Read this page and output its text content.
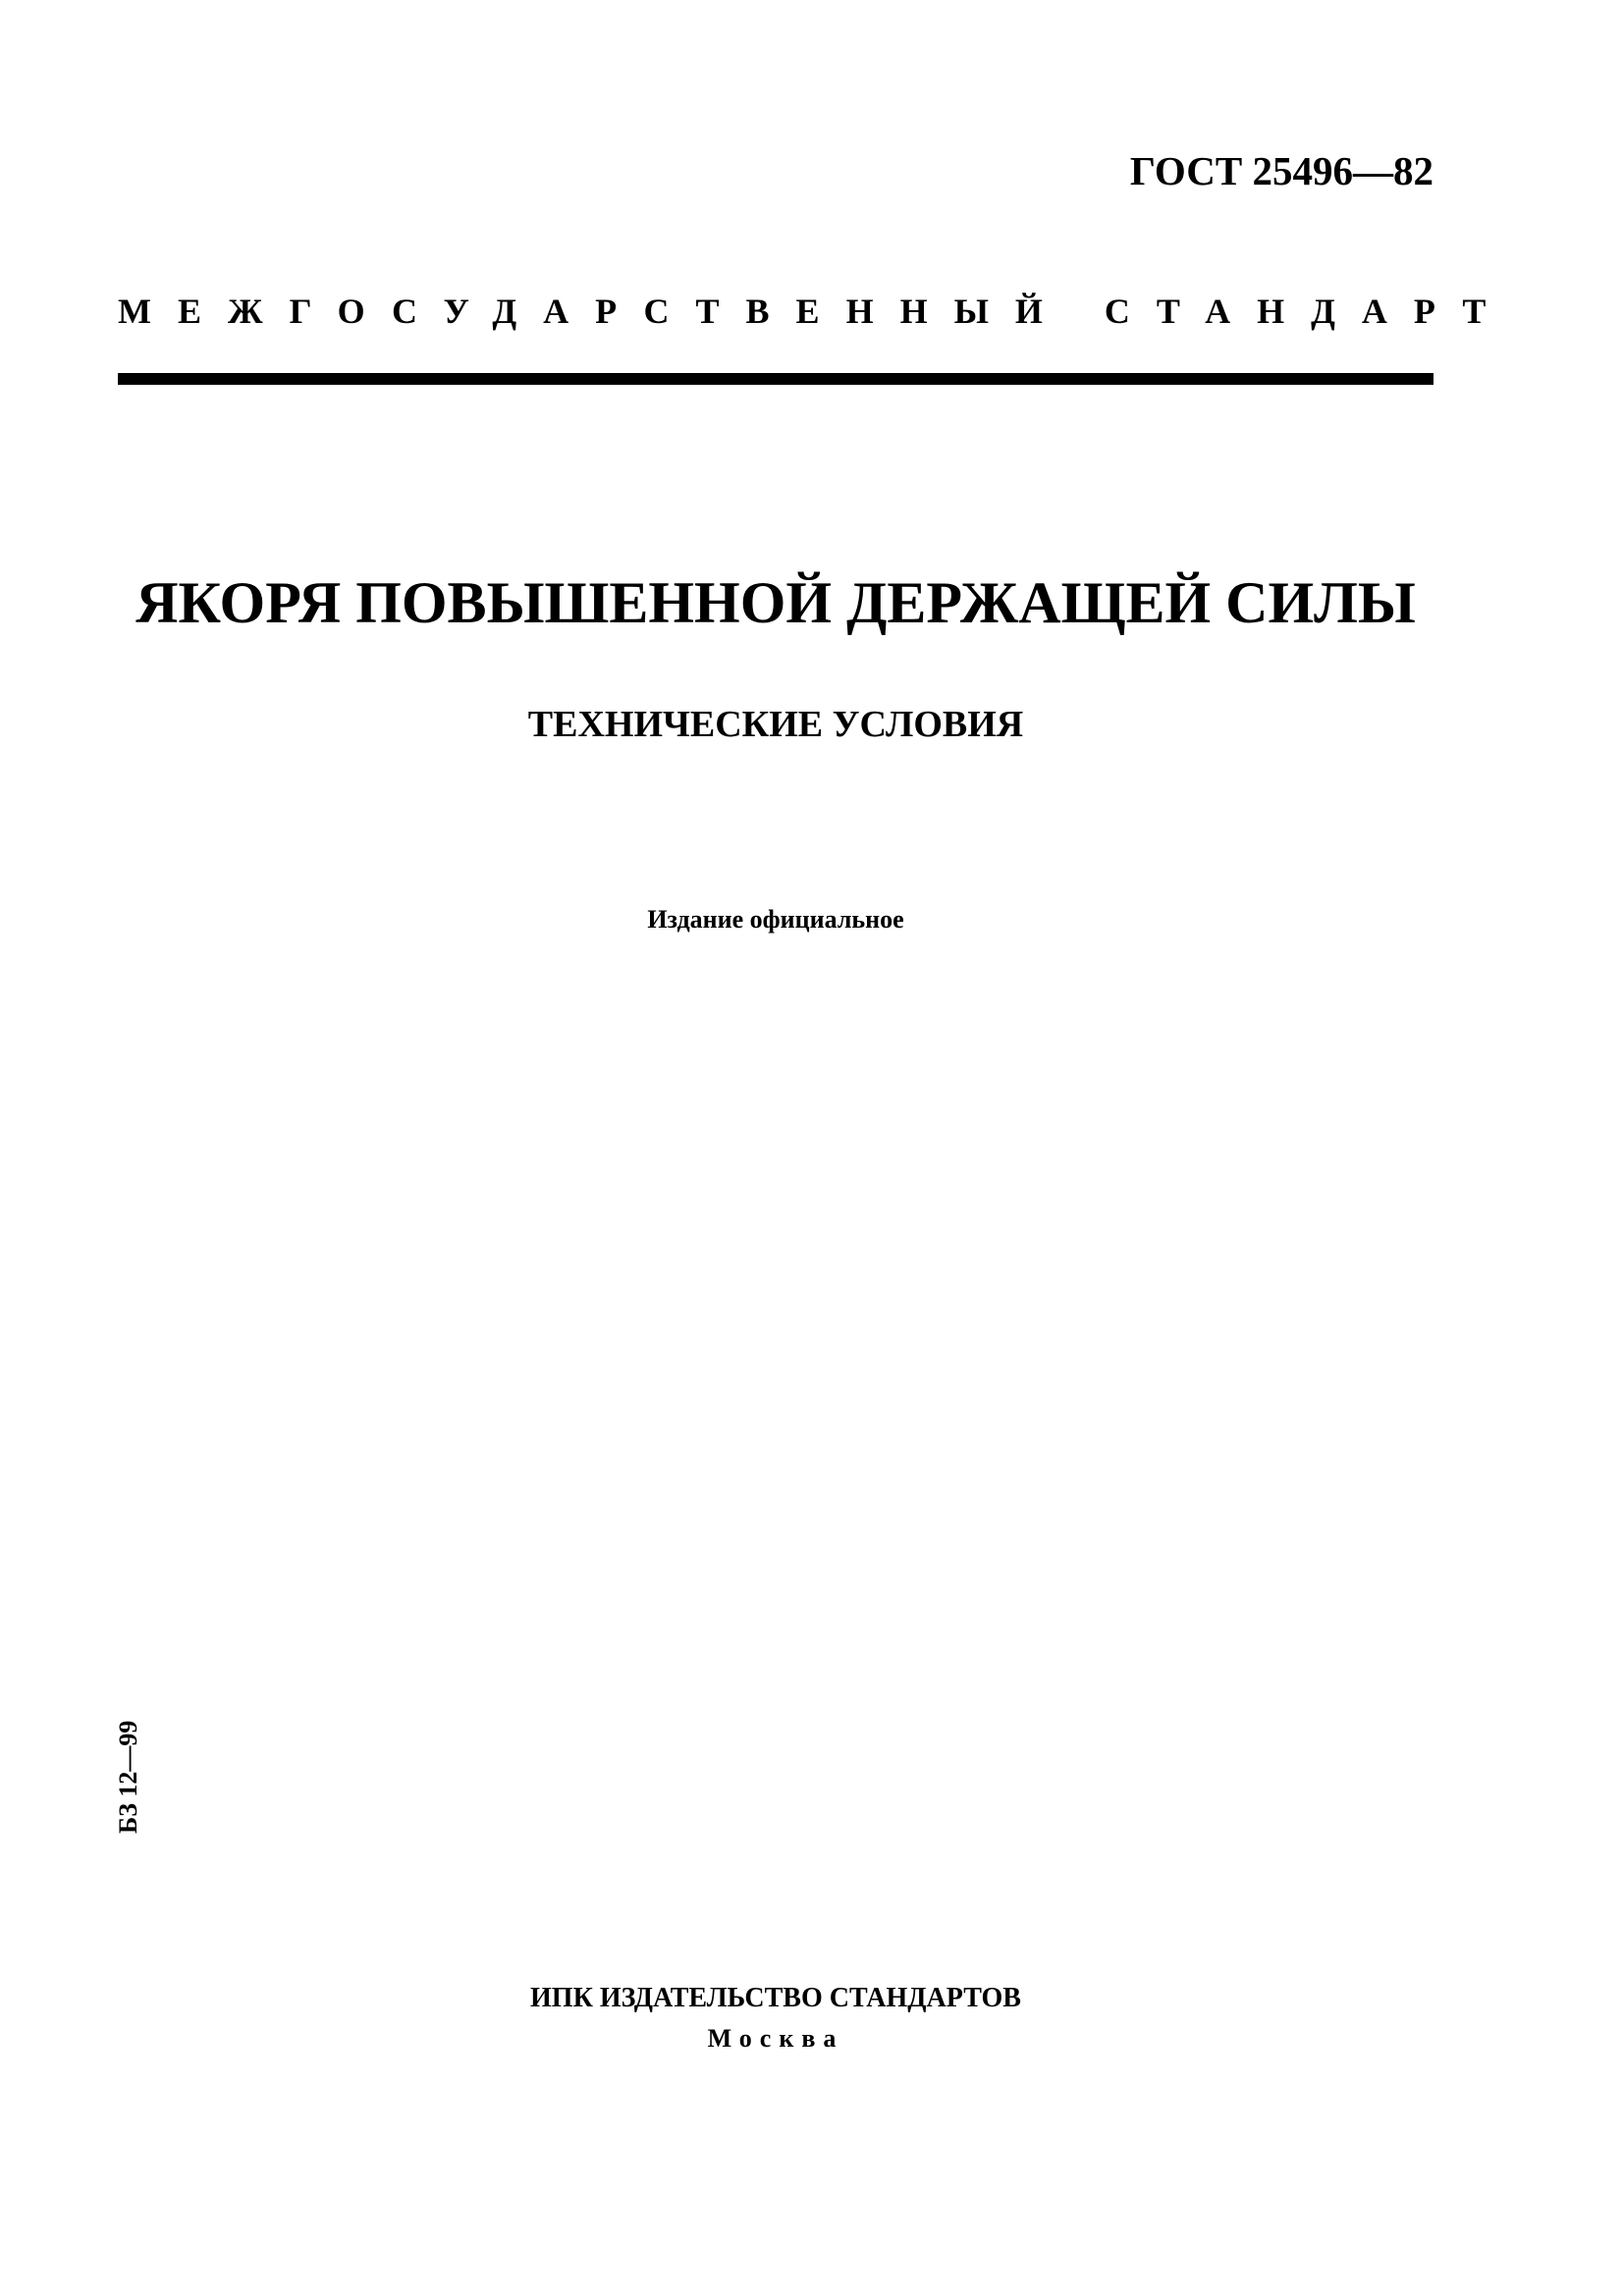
ГОСТ 25496—82
МЕЖГОСУДАРСТВЕННЫЙ СТАНДАРТ
ЯКОРЯ ПОВЫШЕННОЙ ДЕРЖАЩЕЙ СИЛЫ
ТЕХНИЧЕСКИЕ УСЛОВИЯ
Издание официальное
БЗ 12—99
ИПК ИЗДАТЕЛЬСТВО СТАНДАРТОВ
Москва
